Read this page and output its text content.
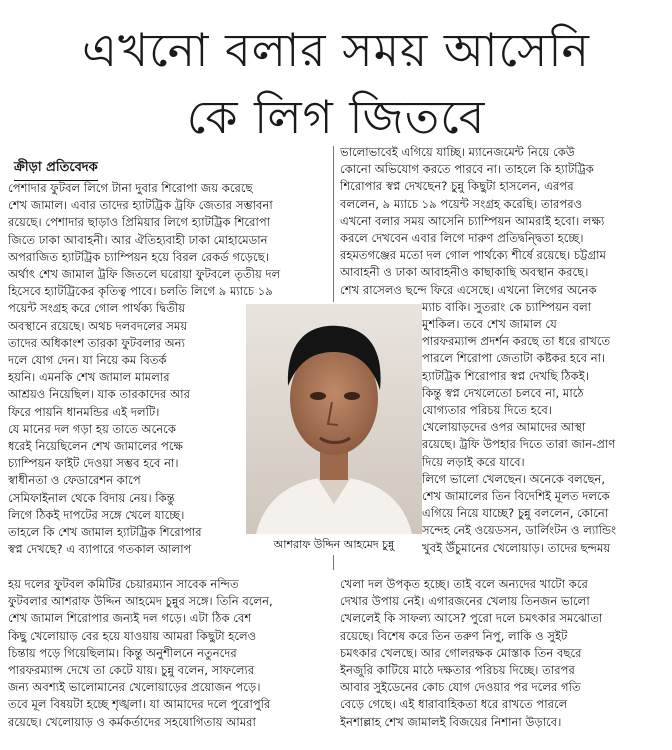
এখনো বলার সময় আসেনি
কে লিগ জিতবে
ক্রীড়া প্রতিবেদক
পেশাদার ফুটবল লিগে টানা দুবার শিরোপা জয় করেছে
শেখ জামাল। এবার তাদের হ্যাটট্রিক ট্রফি জেতার সম্ভাবনা
রয়েছে। পেশাদার ছাড়াও প্রিমিয়ার লিগে হ্যাটট্রিক শিরোপা
জিতে ঢাকা আবাহনী। আর ঐতিহ্যবাহী ঢাকা মোহামেডান
অপরাজিত হ্যাটট্রিক চ্যাম্পিয়ন হয়ে বিরল রেকর্ড গড়েছে।
অর্থাৎ শেখ জামাল ট্রফি জিতলে ঘরোয়া ফুটবলে তৃতীয় দল
হিসেবে হ্যাটট্রিকের কৃতিত্ব পাবে। চলতি লিগে ৯ ম্যাচে ১৯
পয়েন্ট সংগ্রহ করে গোল পার্থক্য দ্বিতীয়
অবস্থানে রয়েছে। অথচ দলবদলের সময়
তাদের অধিকাংশ তারকা ফুটবলার অন্য
দলে যোগ দেন। যা নিয়ে কম বিতর্ক
হয়নি। এমনকি শেখ জামাল মামলার
আশ্রয়ও নিয়েছিল। যাক তারকাদের আর
ফিরে পায়নি ধানমন্ডির এই দলটি।
যে মানের দল গড়া হয় তাতে অনেকে
ধরেই নিয়েছিলেন শেখ জামালের পক্ষে
চ্যাম্পিয়ন ফাইট দেওয়া সম্ভব হবে না।
স্বাধীনতা ও ফেডারেশন কাপে
সেমিফাইনাল থেকে বিদায় নেয়। কিন্তু
লিগে ঠিকই দাপটের সঙ্গে খেলে যাচ্ছে।
তাহলে কি শেখ জামাল হ্যাটট্রিক শিরোপার
স্বপ্ন দেখছে? এ ব্যাপারে গতকাল আলাপ
ভালোভাবেই এগিয়ে যাচ্ছি। ম্যানেজমেন্ট নিয়ে কেউ
কোনো অভিযোগ করতে পারবে না। তাহলে কি হ্যাটট্রিক
শিরোপার স্বপ্ন দেখছেন? চুন্নু কিছুটা হাসলেন, এরপর
বললেন, ৯ ম্যাচে ১৯ পয়েন্ট সংগ্রহ করেছি। তারপরও
এখনো বলার সময় আসেনি চ্যাম্পিয়ন আমরাই হবো। লক্ষ্য
করলে দেখবেন এবার লিগে দারুণ প্রতিদ্বন্দ্বিতা হচ্ছে।
রহমতগঞ্জের মতো দল গোল পার্থক্যে শীর্ষে রয়েছে। চট্টগ্রাম
আবাহনী ও ঢাকা আবাহনীও কাছাকাছি অবস্থান করছে।
শেখ রাসেলও ছন্দে ফিরে এসেছে। এখনো লিগের অনেক
ম্যাচ বাকি। সুতরাং কে চ্যাম্পিয়ন বলা
মুশকিল। তবে শেখ জামাল যে
পারফরম্যান্স প্রদর্শন করছে তা ধরে রাখতে
পারলে শিরোপা জেতাটা কষ্টকর হবে না।
হ্যাটট্রিক শিরোপার স্বপ্ন দেখছি ঠিকই।
কিন্তু স্বপ্ন দেখলেতো চলবে না, মাঠে
যোগ্যতার পরিচয় দিতে হবে।
খেলোয়াড়দের ওপর আমাদের আস্থা
রয়েছে। ট্রফি উপহার দিতে তারা জান-প্রাণ
দিয়ে লড়াই করে যাবে।
লিগে ভালো খেলছেন। অনেকে বলছেন,
শেখ জামালের তিন বিদেশিই মূলত দলকে
এগিয়ে নিয়ে যাচ্ছে? চুন্নু বললেন, কোনো
সন্দেহ নেই ওয়েডসন, ডার্লিংটন ও ল্যান্ডিং
খুবই উঁচুমানের খেলোয়াড়। তাদের ছন্দময়
হয় দলের ফুটবল কমিটির চেয়ারম্যান সাবেক নন্দিত	খেলা দল উপকৃত হচ্ছে। তাই বলে অন্যদের খাটো করে
ফুটবলার আশরাফ উদ্দিন আহমেদ চুন্নুর সঙ্গে। তিনি বলেন,	দেখার উপায় নেই। এগারজনের খেলায় তিনজন ভালো
শেখ জামাল শিরোপার জন্যই দল গড়ে। এটা ঠিক বেশ	খেললেই কি সাফল্য আসে? পুরো দলে চমৎকার সমঝোতা
কিছু খেলোয়াড় বের হয়ে যাওয়ায় আমরা কিছুটা হলেও	রয়েছে। বিশেষ করে তিন তরুণ নিপু, লাকি ও সুইট
চিন্তায় পড়ে গিয়েছিলাম। কিন্তু অনুশীলনে নতুনদের	চমৎকার খেলছে। আর গোলরক্ষক মোস্তাক তিন বছরে
পারফরম্যান্স দেখে তা কেটে যায়। চুন্নু বলেন, সাফল্যের	ইনজুরি কাটিয়ে মাঠে দক্ষতার পরিচয় দিচ্ছে। তারপর
জন্য অবশ্যই ভালোমানের খেলোয়াড়ের প্রয়োজন পড়ে।	আবার সুইডেনের কোচ যোগ দেওয়ার পর দলের গতি
তবে মূল বিষয়টা হচ্ছে শৃঙ্খলা। যা আমাদের দলে পুরোপুরি	বেড়ে গেছে। এই ধারাবাহিকতা ধরে রাখতে পারলে
রয়েছে। খেলোয়াড় ও কর্মকর্তাদের সহযোগিতায় আমরা	ইনশাল্লাহ শেখ জামালই বিজয়ের নিশানা উড়াবে।
আশরাফ উদ্দিন আহমেদ চুন্নু
